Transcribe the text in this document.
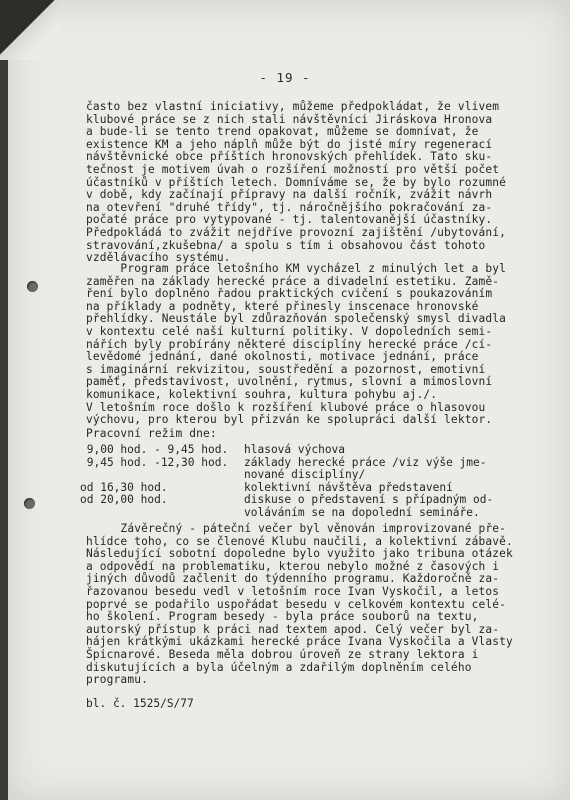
- 19 -
často bez vlastní iniciativy, můžeme předpokládat, že vlivem
klubové práce se z nich stali návštěvníci Jiráskova Hronova
a bude-li se tento trend opakovat, můžeme se domnívat, že
existence KM a jeho náplň může být do jisté míry regenerací
návštěvnické obce příštích hronovských přehlídek. Tato sku-
tečnost je motivem úvah o rozšíření možností pro větší počet
účastníků v příštích letech. Domníváme se, že by bylo rozumné
v době, kdy začínají přípravy na další ročník, zvážit návrh
na otevření "druhé třídy", tj. náročnějšího pokračování za-
počaté práce pro vytypované - tj. talentovanější účastníky.
Předpokládá to zvážit nejdříve provozní zajištění /ubytování,
stravování,zkušebna/ a spolu s tím i obsahovou část tohoto
vzdělávacího systému.
Program práce letošního KM vycházel z minulých let a byl
zaměřen na základy herecké práce a divadelní estetiku. Zamě-
ření bylo doplněno řadou praktických cvičení s poukazováním
na příklady a podněty, které přinesly inscenace hronovské
přehlídky. Neustále byl zdůrazňován společenský smysl divadla
v kontextu celé naší kulturní politiky. V dopoledních semi-
nářích byly probírány některé disciplíny herecké práce /cí-
levědomé jednání, dané okolnosti, motivace jednání, práce
s imaginární rekvizitou, soustředění a pozornost, emotivní
paměť, představivost, uvolnění, rytmus, slovní a mimoslovní
komunikace, kolektivní souhra, kultura pohybu aj./.
V letošním roce došlo k rozšíření klubové práce o hlasovou
výchovu, pro kterou byl přizván ke spolupráci další lektor.
Pracovní režim dne:
9,00 hod. - 9,45 hod.	hlasová výchova
9,45 hod. -12,30 hod.	základy herecké práce /viz výše jme-
nované disciplíny/
od 16,30 hod.	kolektivní návštěva představení
od 20,00 hod.	diskuse o představení s případným od-
voláváním se na dopolední semináře.
Závěrečný - páteční večer byl věnován improvizované pře-
hlídce toho, co se členové Klubu naučili, a kolektivní zábavě.
Následující sobotní dopoledne bylo využito jako tribuna otázek
a odpovědí na problematiku, kterou nebylo možné z časových i
jiných důvodů začlenit do týdenního programu. Každoročně za-
řazovanou besedu vedl v letošním roce Ivan Vyskočil, a letos
poprvé se podařilo uspořádat besedu v celkovém kontextu celé-
ho školení. Program besedy - byla práce souborů na textu,
autorský přístup k práci nad textem apod. Celý večer byl za-
hájen krátkými ukázkami herecké práce Ivana Vyskočila a Vlasty
Špicnarové. Beseda měla dobrou úroveň ze strany lektora i
diskutujících a byla účelným a zdařilým doplněním celého
programu.
bl. č. 1525/S/77
